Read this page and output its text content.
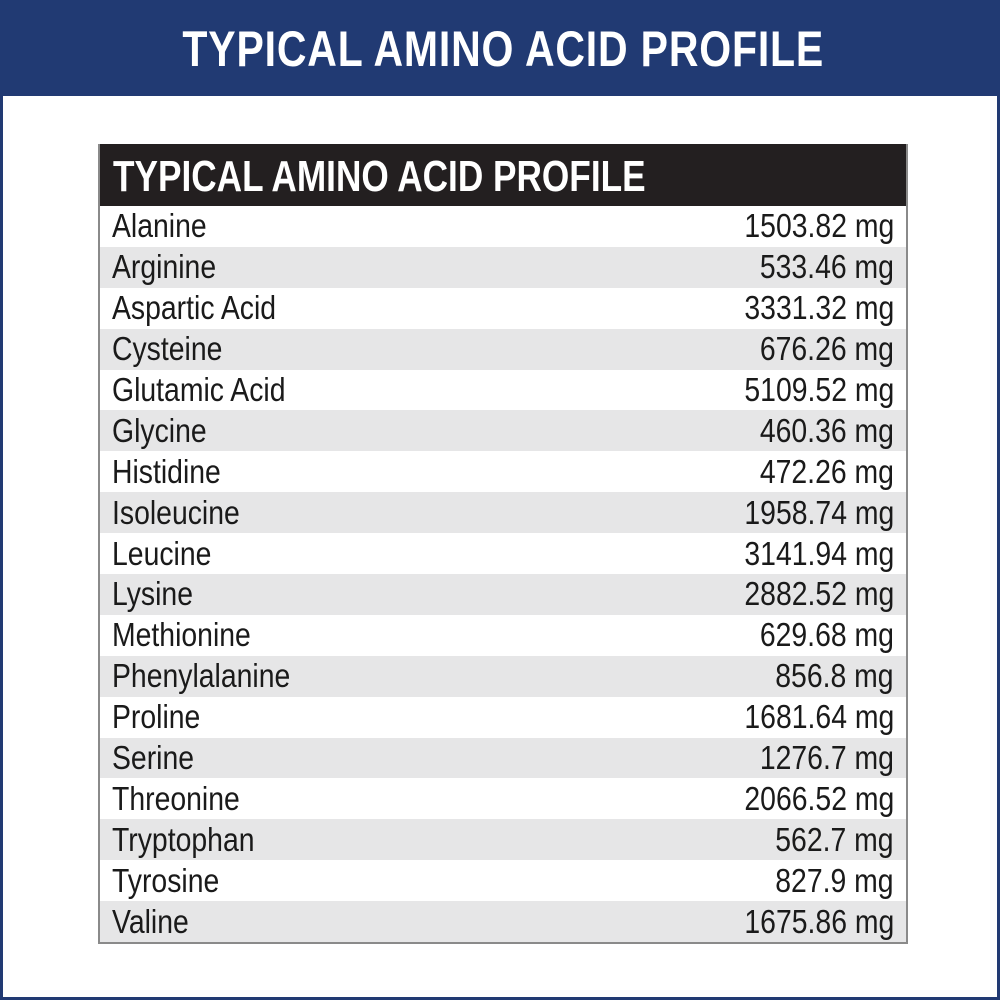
TYPICAL AMINO ACID PROFILE
TYPICAL AMINO ACID PROFILE
Alanine	1503.82 mg
Arginine	533.46 mg
Aspartic Acid	3331.32 mg
Cysteine	676.26 mg
Glutamic Acid	5109.52 mg
Glycine	460.36 mg
Histidine	472.26 mg
Isoleucine	1958.74 mg
Leucine	3141.94 mg
Lysine	2882.52 mg
Methionine	629.68 mg
Phenylalanine	856.8 mg
Proline	1681.64 mg
Serine	1276.7 mg
Threonine	2066.52 mg
Tryptophan	562.7 mg
Tyrosine	827.9 mg
Valine	1675.86 mg
